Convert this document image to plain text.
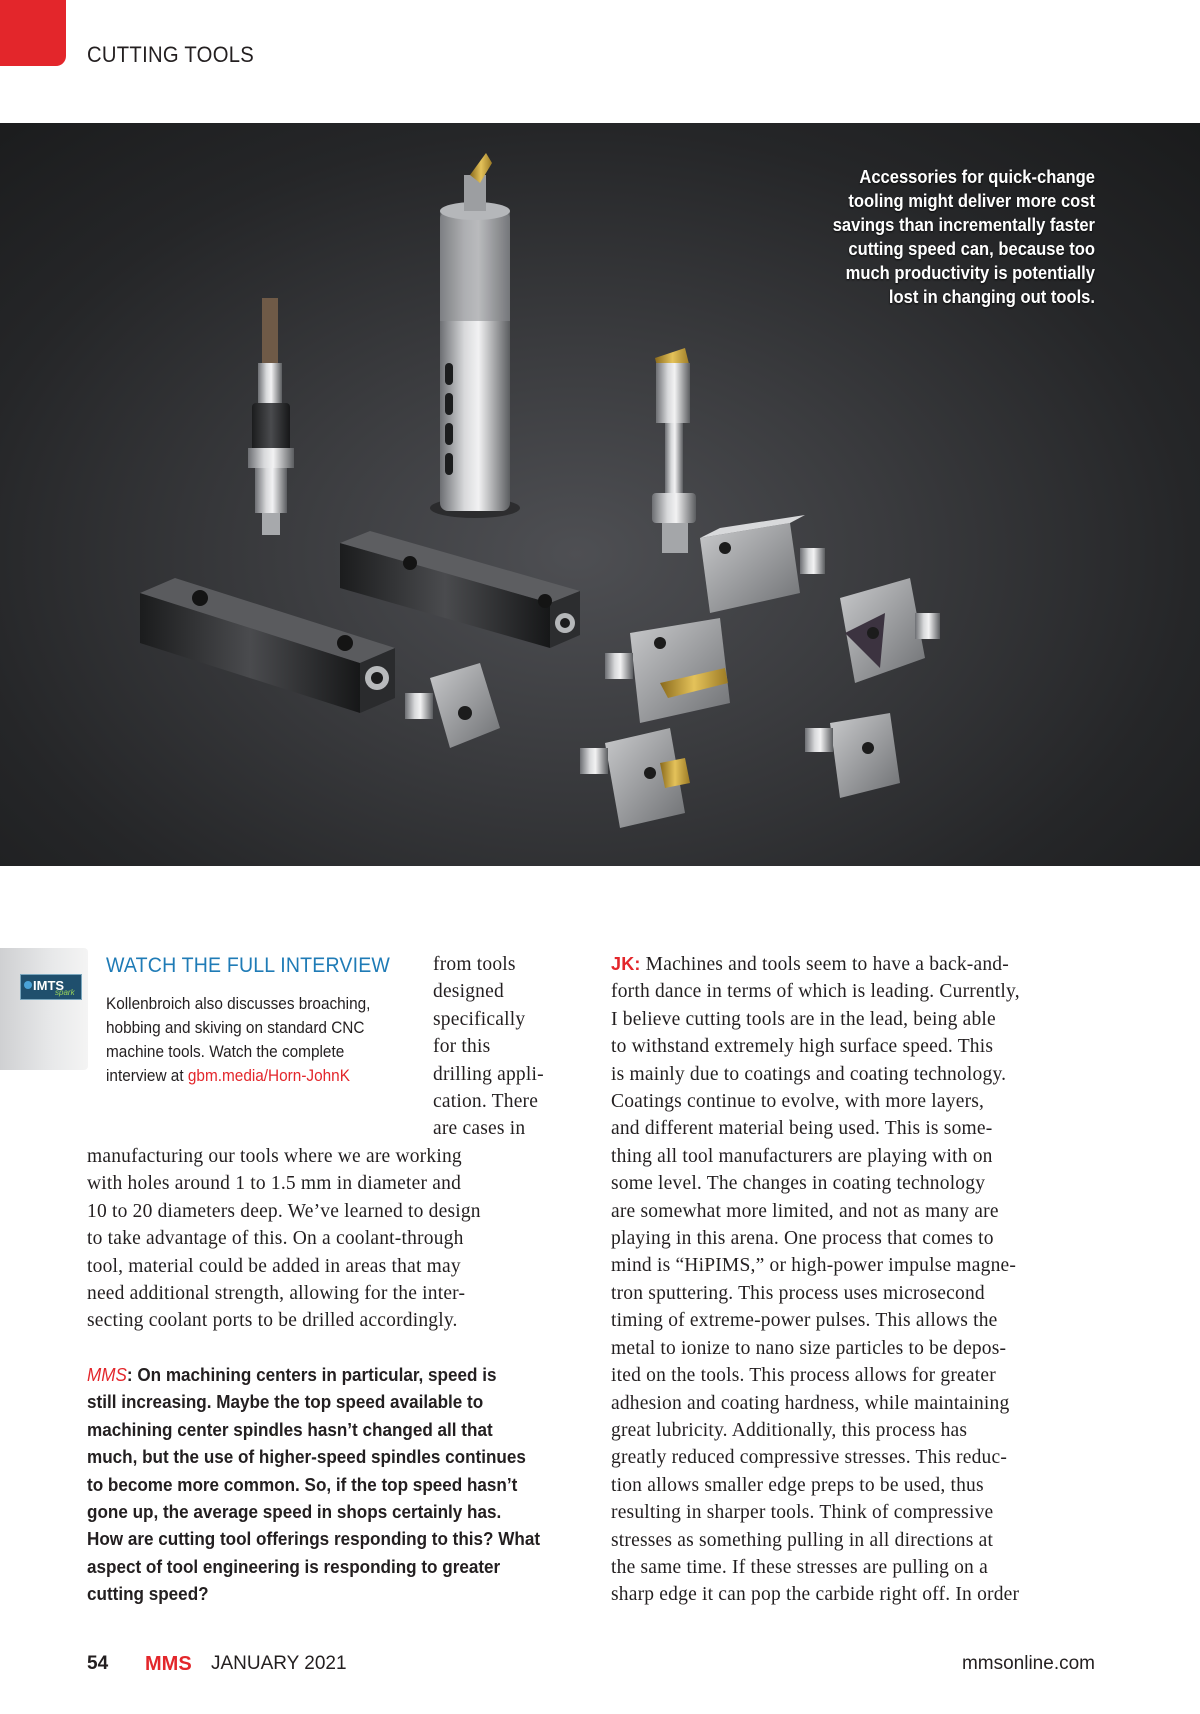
CUTTING TOOLS
Accessories for quick-change
tooling might deliver more cost
savings than incrementally faster
cutting speed can, because too
much productivity is potentially
lost in changing out tools.
IMTS
spark
WATCH THE FULL INTERVIEW

Kollenbroich also discusses broaching, hobbing and skiving on standard CNC machine tools. Watch the complete interview at gbm.media/Horn-JohnK

from tools
designed
specifically
for this
drilling appli-
cation. There
are cases in
manufacturing our tools where we are working
with holes around 1 to 1.5 mm in diameter and
10 to 20 diameters deep. We’ve learned to design
to take advantage of this. On a coolant-through
tool, material could be added in areas that may
need additional strength, allowing for the inter-
secting coolant ports to be drilled accordingly.
MMS: On machining centers in particular, speed is
still increasing. Maybe the top speed available to
machining center spindles hasn’t changed all that
much, but the use of higher-speed spindles continues
to become more common. So, if the top speed hasn’t
gone up, the average speed in shops certainly has.
How are cutting tool offerings responding to this? What
aspect of tool engineering is responding to greater
cutting speed?
JK: Machines and tools seem to have a back-and-
forth dance in terms of which is leading. Currently,
I believe cutting tools are in the lead, being able
to withstand extremely high surface speed. This
is mainly due to coatings and coating technology.
Coatings continue to evolve, with more layers,
and different material being used. This is some-
thing all tool manufacturers are playing with on
some level. The changes in coating technology
are somewhat more limited, and not as many are
playing in this arena. One process that comes to
mind is “HiPIMS,” or high-power impulse magne-
tron sputtering. This process uses microsecond
timing of extreme-power pulses. This allows the
metal to ionize to nano size particles to be depos-
ited on the tools. This process allows for greater
adhesion and coating hardness, while maintaining
great lubricity. Additionally, this process has
greatly reduced compressive stresses. This reduc-
tion allows smaller edge preps to be used, thus
resulting in sharper tools. Think of compressive
stresses as something pulling in all directions at
the same time. If these stresses are pulling on a
sharp edge it can pop the carbide right off. In order
54 MMS JANUARY 2021	mmsonline.com
